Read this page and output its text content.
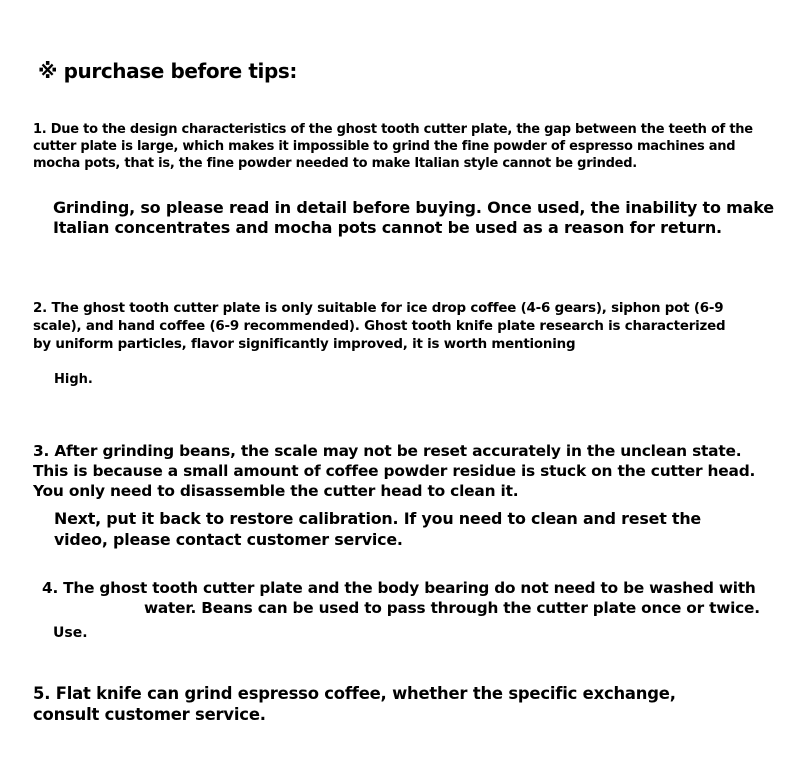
※ purchase before tips:
1. Due to the design characteristics of the ghost tooth cutter plate, the gap between the teeth of the
cutter plate is large, which makes it impossible to grind the fine powder of espresso machines and
mocha pots, that is, the fine powder needed to make Italian style cannot be grinded.
Grinding, so please read in detail before buying. Once used, the inability to make
Italian concentrates and mocha pots cannot be used as a reason for return.
2. The ghost tooth cutter plate is only suitable for ice drop coffee (4-6 gears), siphon pot (6-9
scale), and hand coffee (6-9 recommended). Ghost tooth knife plate research is characterized
by uniform particles, flavor significantly improved, it is worth mentioning
High.
3. After grinding beans, the scale may not be reset accurately in the unclean state.
This is because a small amount of coffee powder residue is stuck on the cutter head.
You only need to disassemble the cutter head to clean it.
Next, put it back to restore calibration. If you need to clean and reset the
video, please contact customer service.
4. The ghost tooth cutter plate and the body bearing do not need to be washed with
water. Beans can be used to pass through the cutter plate once or twice.
Use.
5. Flat knife can grind espresso coffee, whether the specific exchange,
consult customer service.
